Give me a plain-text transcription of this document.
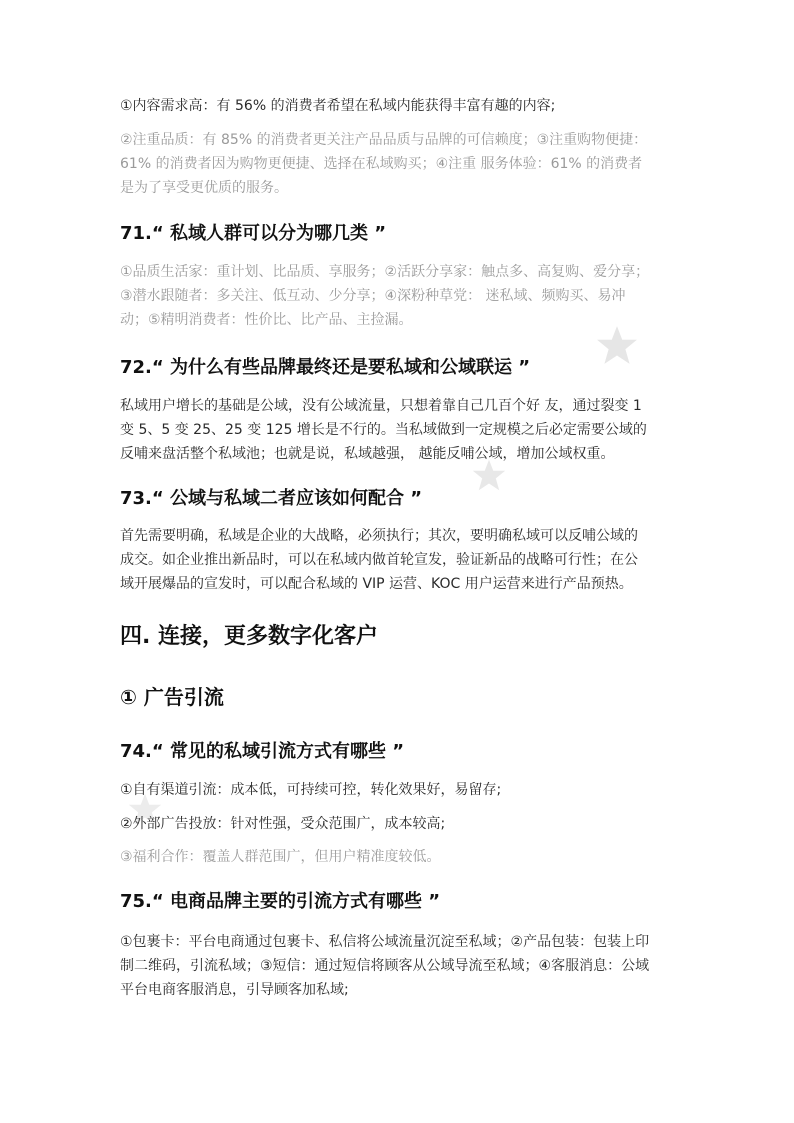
①内容需求高：有 56% 的消费者希望在私域内能获得丰富有趣的内容;

②注重品质：有 85% 的消费者更关注产品品质与品牌的可信赖度；③注重购物便捷：61% 的消费者因为购物更便捷、选择在私域购买；④注重 服务体验：61% 的消费者是为了享受更优质的服务。

71.“ 私域人群可以分为哪几类 ”

①品质生活家：重计划、比品质、享服务；②活跃分享家：触点多、高复购、爱分享；③潜水跟随者：多关注、低互动、少分享；④深粉种草党： 迷私域、频购买、易冲动；⑤精明消费者：性价比、比产品、主捡漏。

72.“ 为什么有些品牌最终还是要私域和公域联运 ”

私域用户增长的基础是公域，没有公域流量，只想着靠自己几百个好 友，通过裂变 1 变 5、5 变 25、25 变 125 增长是不行的。当私域做到一定规模之后必定需要公域的反哺来盘活整个私域池；也就是说，私域越强， 越能反哺公域，增加公域权重。

73.“ 公域与私域二者应该如何配合 ”

首先需要明确，私域是企业的大战略，必须执行；其次，要明确私域可以反哺公域的成交。如企业推出新品时，可以在私域内做首轮宣发，验证新品的战略可行性；在公域开展爆品的宣发时，可以配合私域的 VIP 运营、KOC 用户运营来进行产品预热。

四. 连接，更多数字化客户
① 广告引流
74.“ 常见的私域引流方式有哪些 ”

①自有渠道引流：成本低，可持续可控，转化效果好，易留存;

②外部广告投放：针对性强，受众范围广，成本较高;

③福利合作：覆盖人群范围广，但用户精准度较低。

75.“ 电商品牌主要的引流方式有哪些 ”

①包裹卡：平台电商通过包裹卡、私信将公域流量沉淀至私域；②产品包装：包装上印制二维码，引流私域；③短信：通过短信将顾客从公域导流至私域；④客服消息：公域平台电商客服消息，引导顾客加私域;
